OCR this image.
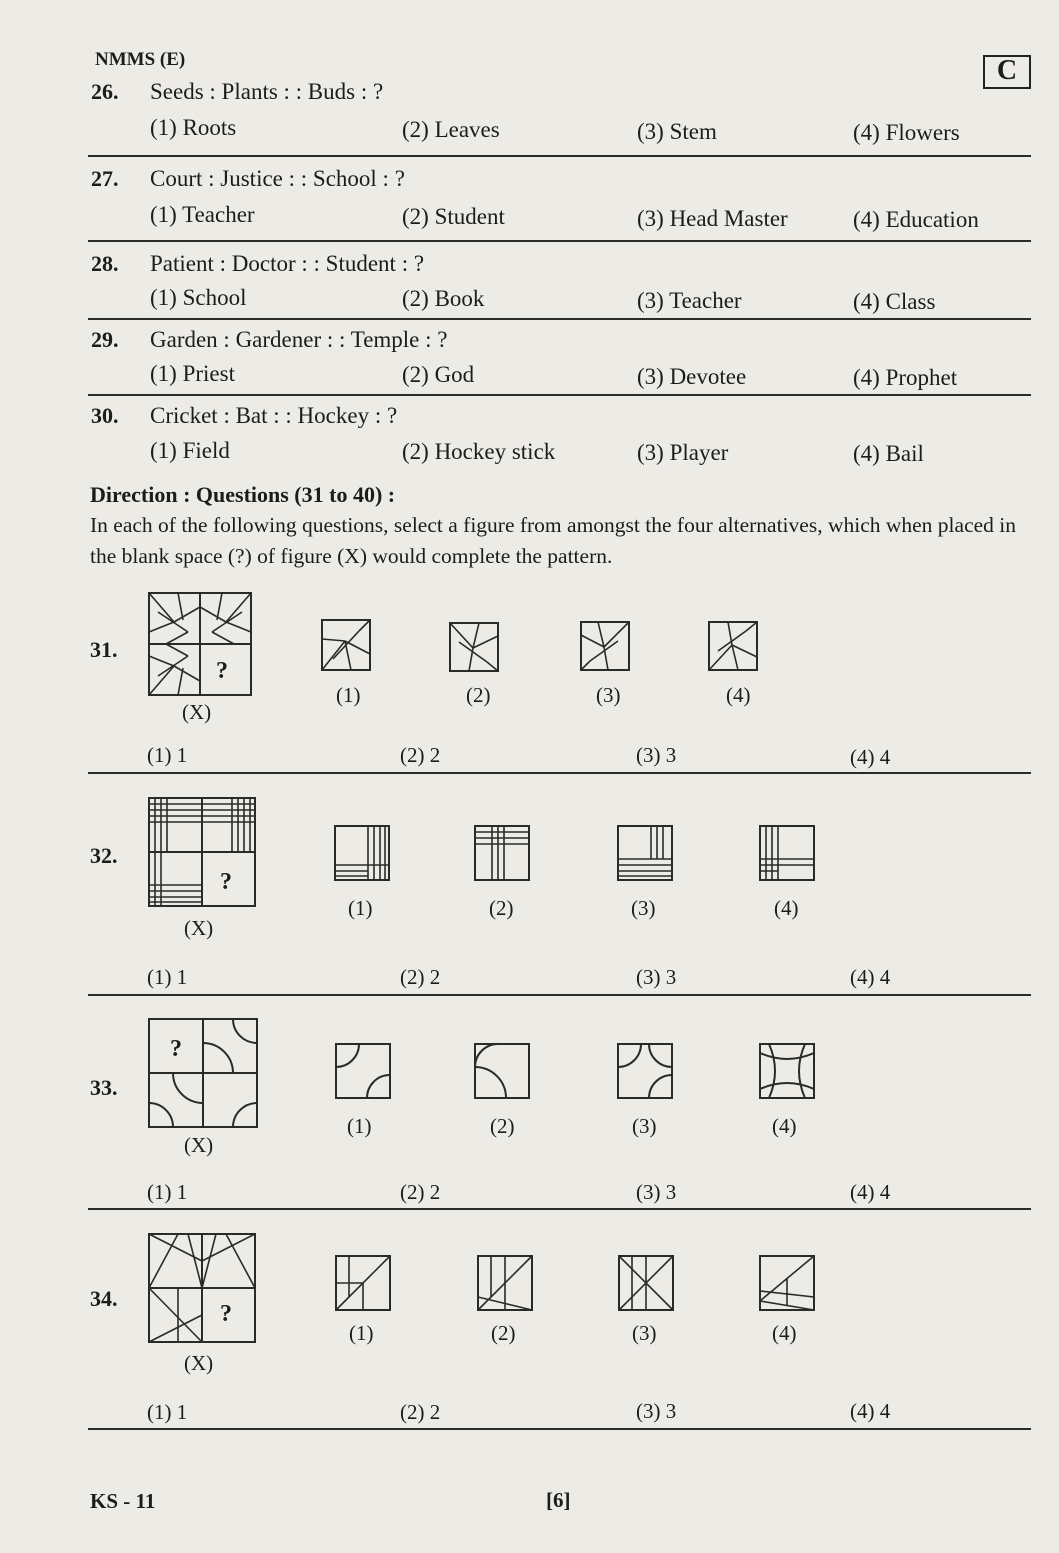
NMMS (E)	C
26. Seeds : Plants : : Buds : ?
(1) Roots	(2) Leaves	(3) Stem	(4) Flowers
27. Court : Justice : : School : ?
(1) Teacher	(2) Student	(3) Head Master	(4) Education
28. Patient : Doctor : : Student : ?
(1) School	(2) Book	(3) Teacher	(4) Class
29. Garden : Gardener : : Temple : ?
(1) Priest	(2) God	(3) Devotee	(4) Prophet
30. Cricket : Bat : : Hockey : ?
(1) Field	(2) Hockey stick	(3) Player	(4) Bail
Direction : Questions (31 to 40) :
In each of the following questions, select a figure from amongst the four alternatives, which when placed in the blank space (?) of figure (X) would complete the pattern.
31.
?
(X)
(1)	(2)	(3)	(4)
(1) 1	(2) 2	(3) 3	(4) 4
32.
?
(X)
(1)	(2)	(3)	(4)
(1) 1	(2) 2	(3) 3	(4) 4
33.
?
(X)
(1)	(2)	(3)	(4)
(1) 1	(2) 2	(3) 3	(4) 4
34.
?
(X)
(1)	(2)	(3)	(4)
(1) 1	(2) 2	(3) 3	(4) 4
KS - 11	[6]
